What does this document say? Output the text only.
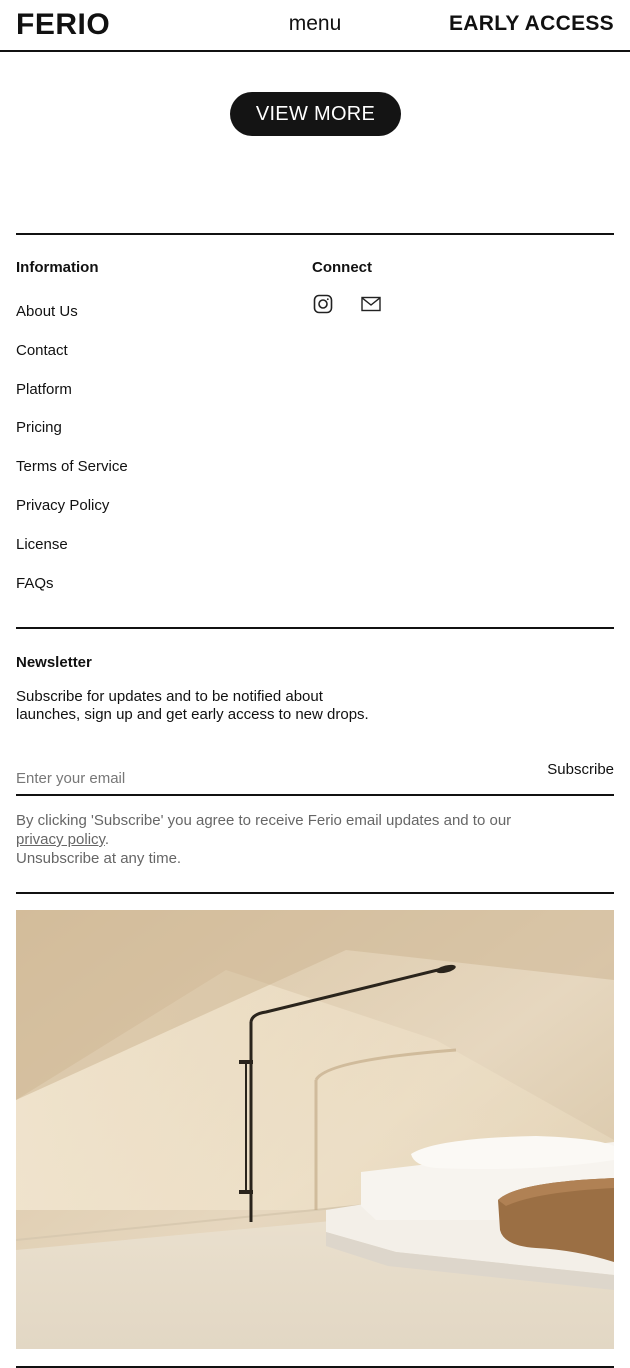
FERIO	menu	EARLY ACCESS
VIEW MORE
Information
About Us
Contact
Platform
Pricing
Terms of Service
Privacy Policy
License
FAQs
Connect
Newsletter
Subscribe for updates and to be notified about
launches, sign up and get early access to new drops.
Enter your email
Subscribe
By clicking 'Subscribe' you agree to receive Ferio email updates and to our
privacy policy.
Unsubscribe at any time.
